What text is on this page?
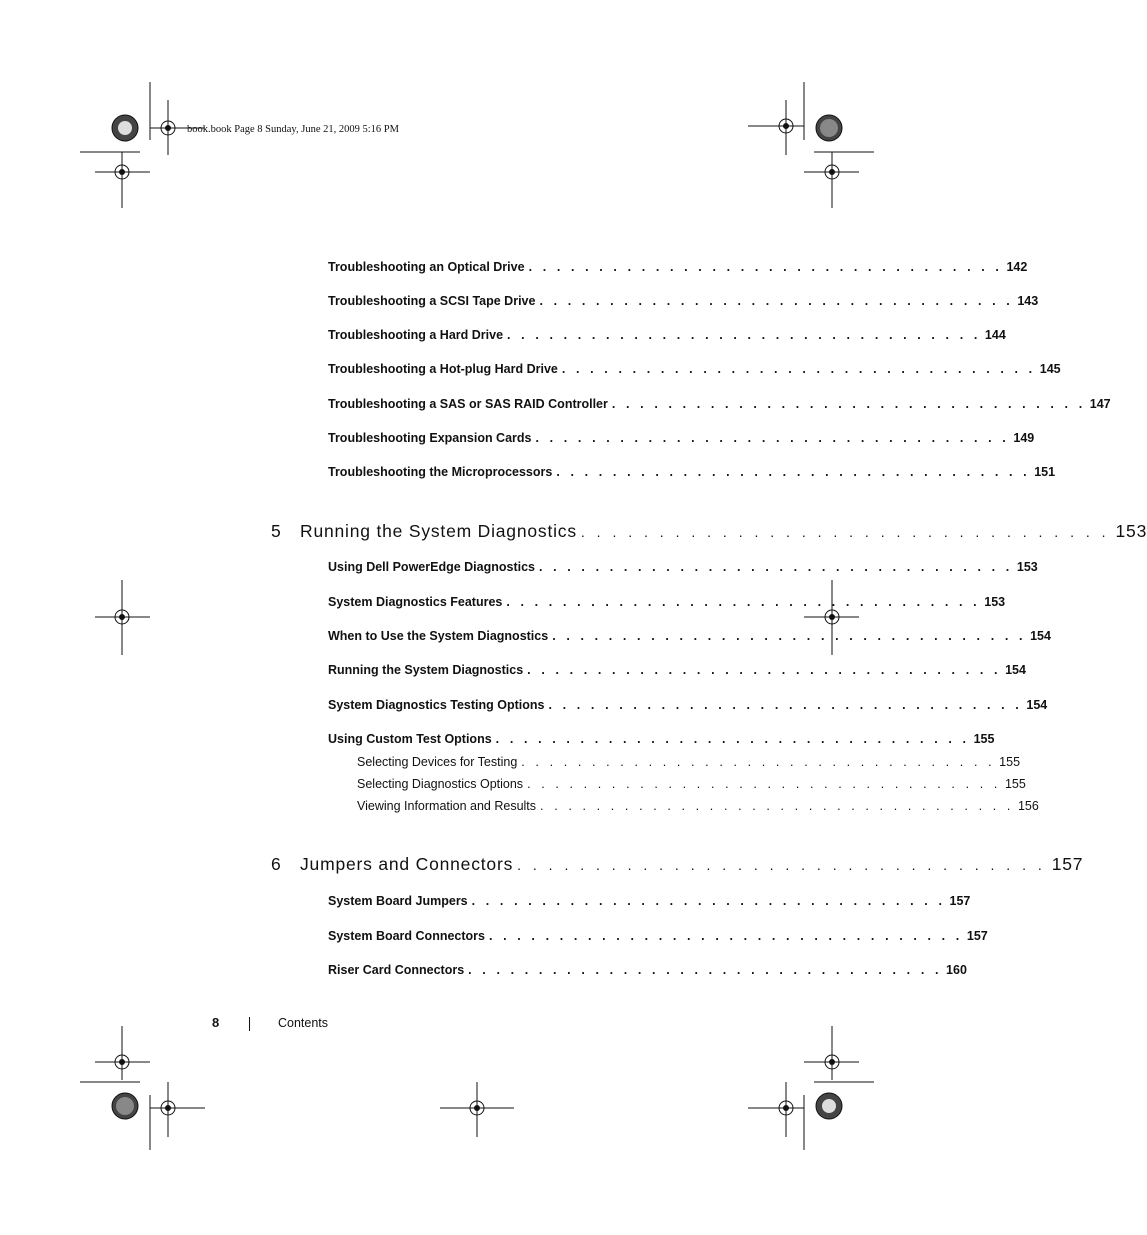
book.book Page 8 Sunday, June 21, 2009 5:16 PM
Troubleshooting an Optical Drive . . . . . . . . . . . . . . . . . . . . . . . . . . . . . . . . . . 142
Troubleshooting a SCSI Tape Drive . . . . . . . . . . . . . . . . . . . . . . . . . . . . . . . . . . 143
Troubleshooting a Hard Drive . . . . . . . . . . . . . . . . . . . . . . . . . . . . . . . . . . 144
Troubleshooting a Hot-plug Hard Drive . . . . . . . . . . . . . . . . . . . . . . . . . . . . . . . . . . 145
Troubleshooting a SAS or SAS RAID Controller . . . . . . . . . . . . . . . . . . . . . . . . . . . . . . . . . . 147
Troubleshooting Expansion Cards . . . . . . . . . . . . . . . . . . . . . . . . . . . . . . . . . . 149
Troubleshooting the Microprocessors . . . . . . . . . . . . . . . . . . . . . . . . . . . . . . . . . . 151
5	Running the System Diagnostics . . . . . . . . . . . . . . . . . . . . . . . . . . . . . . . . . . 153
Using Dell PowerEdge Diagnostics . . . . . . . . . . . . . . . . . . . . . . . . . . . . . . . . . . 153
System Diagnostics Features . . . . . . . . . . . . . . . . . . . . . . . . . . . . . . . . . . 153
When to Use the System Diagnostics . . . . . . . . . . . . . . . . . . . . . . . . . . . . . . . . . . 154
Running the System Diagnostics . . . . . . . . . . . . . . . . . . . . . . . . . . . . . . . . . . 154
System Diagnostics Testing Options . . . . . . . . . . . . . . . . . . . . . . . . . . . . . . . . . . 154
Using Custom Test Options . . . . . . . . . . . . . . . . . . . . . . . . . . . . . . . . . . 155
Selecting Devices for Testing . . . . . . . . . . . . . . . . . . . . . . . . . . . . . . . . . . 155
Selecting Diagnostics Options . . . . . . . . . . . . . . . . . . . . . . . . . . . . . . . . . . 155
Viewing Information and Results . . . . . . . . . . . . . . . . . . . . . . . . . . . . . . . . . . 156
6	Jumpers and Connectors . . . . . . . . . . . . . . . . . . . . . . . . . . . . . . . . . . 157
System Board Jumpers . . . . . . . . . . . . . . . . . . . . . . . . . . . . . . . . . . 157
System Board Connectors . . . . . . . . . . . . . . . . . . . . . . . . . . . . . . . . . . 157
Riser Card Connectors . . . . . . . . . . . . . . . . . . . . . . . . . . . . . . . . . . 160
8	Contents
